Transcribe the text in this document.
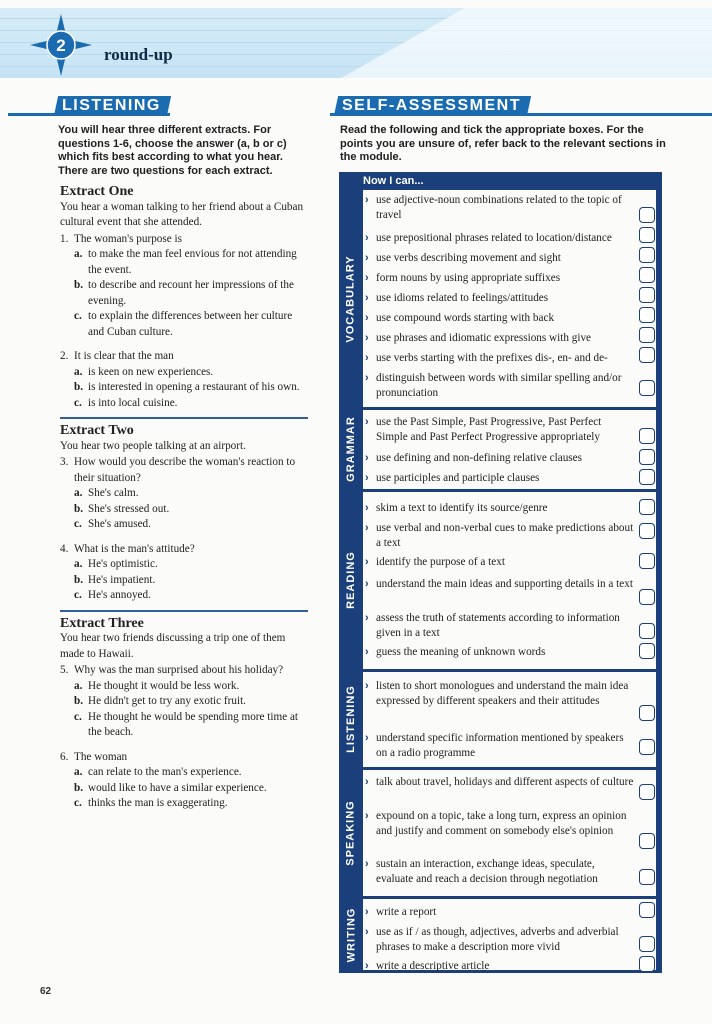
2 round-up
LISTENING
You will hear three different extracts. For questions 1-6, choose the answer (a, b or c) which fits best according to what you hear. There are two questions for each extract.
SELF-ASSESSMENT
Read the following and tick the appropriate boxes. For the points you are unsure of, refer back to the relevant sections in the module.
Extract One
You hear a woman talking to her friend about a Cuban cultural event that she attended.
1. The woman's purpose is
a. to make the man feel envious for not attending the event.
b. to describe and recount her impressions of the evening.
c. to explain the differences between her culture and Cuban culture.
2. It is clear that the man
a. is keen on new experiences.
b. is interested in opening a restaurant of his own.
c. is into local cuisine.
Extract Two
You hear two people talking at an airport.
3. How would you describe the woman's reaction to their situation?
a. She's calm.
b. She's stressed out.
c. She's amused.
4. What is the man's attitude?
a. He's optimistic.
b. He's impatient.
c. He's annoyed.
Extract Three
You hear two friends discussing a trip one of them made to Hawaii.
5. Why was the man surprised about his holiday?
a. He thought it would be less work.
b. He didn't get to try any exotic fruit.
c. He thought he would be spending more time at the beach.
6. The woman
a. can relate to the man's experience.
b. would like to have a similar experience.
c. thinks the man is exaggerating.
Now I can...
VOCABULARY
› use adjective-noun combinations related to the topic of travel
› use prepositional phrases related to location/distance
› use verbs describing movement and sight
› form nouns by using appropriate suffixes
› use idioms related to feelings/attitudes
› use compound words starting with back
› use phrases and idiomatic expressions with give
› use verbs starting with the prefixes dis-, en- and de-
› distinguish between words with similar spelling and/or pronunciation
GRAMMAR › use the Past Simple, Past Progressive, Past Perfect Simple and Past Perfect Progressive appropriately
› use defining and non-defining relative clauses
› use participles and participle clauses
READING
› skim a text to identify its source/genre
› use verbal and non-verbal cues to make predictions about a text
› identify the purpose of a text
› understand the main ideas and supporting details in a text
› assess the truth of statements according to information given in a text
› guess the meaning of unknown words
LISTENING › listen to short monologues and understand the main idea expressed by different speakers and their attitudes
› understand specific information mentioned by speakers on a radio programme
SPEAKING
› talk about travel, holidays and different aspects of culture
› expound on a topic, take a long turn, express an opinion and justify and comment on somebody else's opinion
› sustain an interaction, exchange ideas, speculate, evaluate and reach a decision through negotiation
WRITING › write a report
› use as if / as though, adjectives, adverbs and adverbial phrases to make a description more vivid
› write a descriptive article
62
